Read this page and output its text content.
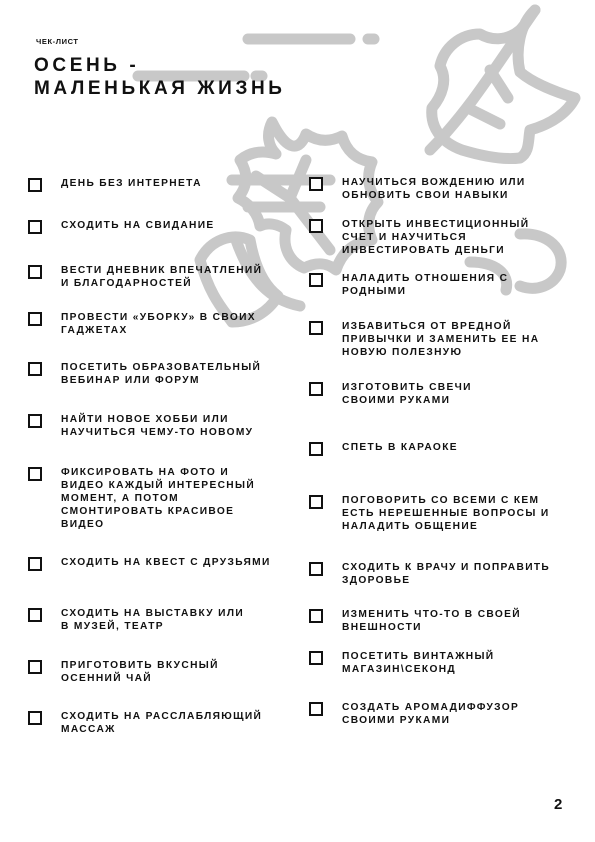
ЧЕК-ЛИСТ
ОСЕНЬ -
МАЛЕНЬКАЯ ЖИЗНЬ
ДЕНЬ БЕЗ ИНТЕРНЕТА
СХОДИТЬ НА СВИДАНИЕ
ВЕСТИ ДНЕВНИК ВПЕЧАТЛЕНИЙ
И БЛАГОДАРНОСТЕЙ
ПРОВЕСТИ «УБОРКУ» В СВОИХ
ГАДЖЕТАХ
ПОСЕТИТЬ ОБРАЗОВАТЕЛЬНЫЙ
ВЕБИНАР ИЛИ ФОРУМ
НАЙТИ НОВОЕ ХОББИ ИЛИ
НАУЧИТЬСЯ ЧЕМУ-ТО НОВОМУ
ФИКСИРОВАТЬ НА ФОТО И
ВИДЕО КАЖДЫЙ ИНТЕРЕСНЫЙ
МОМЕНТ, А ПОТОМ
СМОНТИРОВАТЬ КРАСИВОЕ
ВИДЕО
СХОДИТЬ НА КВЕСТ С ДРУЗЬЯМИ
СХОДИТЬ НА ВЫСТАВКУ ИЛИ
В МУЗЕЙ, ТЕАТР
ПРИГОТОВИТЬ ВКУСНЫЙ
ОСЕННИЙ ЧАЙ
СХОДИТЬ НА РАССЛАБЛЯЮЩИЙ
МАССАЖ
НАУЧИТЬСЯ ВОЖДЕНИЮ ИЛИ
ОБНОВИТЬ СВОИ НАВЫКИ
ОТКРЫТЬ ИНВЕСТИЦИОННЫЙ
СЧЕТ И НАУЧИТЬСЯ
ИНВЕСТИРОВАТЬ ДЕНЬГИ
НАЛАДИТЬ ОТНОШЕНИЯ С
РОДНЫМИ
ИЗБАВИТЬСЯ ОТ ВРЕДНОЙ
ПРИВЫЧКИ И ЗАМЕНИТЬ ЕЕ НА
НОВУЮ ПОЛЕЗНУЮ
ИЗГОТОВИТЬ СВЕЧИ
СВОИМИ РУКАМИ
СПЕТЬ В КАРАОКЕ
ПОГОВОРИТЬ СО ВСЕМИ С КЕМ
ЕСТЬ НЕРЕШЕННЫЕ ВОПРОСЫ И
НАЛАДИТЬ ОБЩЕНИЕ
СХОДИТЬ К ВРАЧУ И ПОПРАВИТЬ
ЗДОРОВЬЕ
ИЗМЕНИТЬ ЧТО-ТО В СВОЕЙ
ВНЕШНОСТИ
ПОСЕТИТЬ ВИНТАЖНЫЙ
МАГАЗИН\СЕКОНД
СОЗДАТЬ АРОМАДИФФУЗОР
СВОИМИ РУКАМИ
2
